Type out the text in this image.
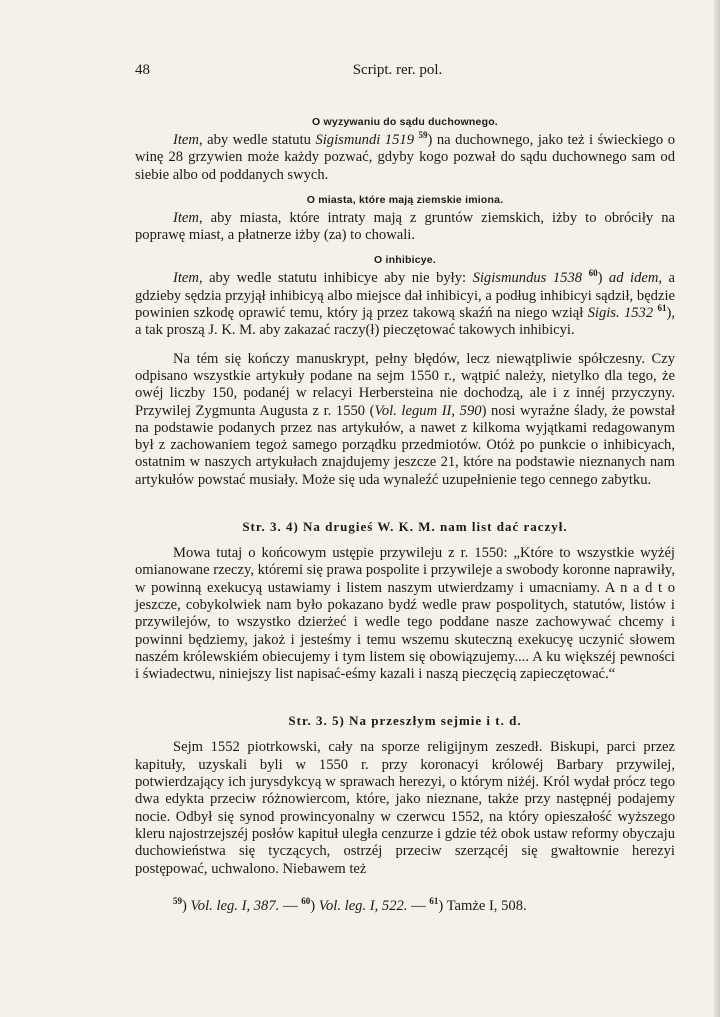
48	Script. rer. pol.
O wyzywaniu do sądu duchownego.

Item, aby wedle statutu Sigismundi 1519 $^{59}$) na duchownego, jako też i świeckiego o winę 28 grzywien może każdy pozwać, gdyby kogo pozwał do sądu duchownego sam od siebie albo od poddanych swych.

O miasta, które mają ziemskie imiona.

Item, aby miasta, które intraty mają z gruntów ziemskich, iżby to obróciły na poprawę miast, a płatnerze iżby (za) to chowali.

O inhibicye.

Item, aby wedle statutu inhibicye aby nie były: Sigismundus 1538 $^{60}$) ad idem, a gdzieby sędzia przyjął inhibicyą albo miejsce dał inhibicyi, a podług inhibicyi sądził, będzie powinien szkodę oprawić temu, który ją przez takową skaźń na niego wziął Sigis. 1532 $^{61}$), a tak proszą J. K. M. aby zakazać raczy(ł) pieczętować takowych inhibicyi.

Na tém się kończy manuskrypt, pełny błędów, lecz niewątpliwie spółczesny. Czy odpisano wszystkie artykuły podane na sejm 1550 r., wątpić należy, nietylko dla tego, że owéj liczby 150, podanéj w relacyi Herbersteina nie dochodzą, ale i z innéj przyczyny. Przywilej Zygmunta Augusta z r. 1550 (Vol. legum II, 590) nosi wyraźne ślady, że powstał na podstawie podanych przez nas artykułów, a nawet z kilkoma wyjątkami redagowanym był z zachowaniem tegoż samego porządku przedmiotów. Otóż po punkcie o inhibicyach, ostatnim w naszych artykułach znajdujemy jeszcze 21, które na podstawie nieznanych nam artykułów powstać musiały. Może się uda wynaleźć uzupełnienie tego cennego zabytku.

Str. 3. 4) Na drugieś W. K. M. nam list dać raczył.

Mowa tutaj o końcowym ustępie przywileju z r. 1550: „Które to wszystkie wyżéj omianowane rzeczy, któremi się prawa pospolite i przywileje a swobody koronne naprawiły, w powinną exekucyą ustawiamy i listem naszym utwierdzamy i umacniamy. A n a d t o jeszcze, cobykolwiek nam było pokazano bydź wedle praw pospolitych, statutów, listów i przywilejów, to wszystko dzierżeć i wedle tego poddane nasze zachowywać chcemy i powinni będziemy, jakoż i jesteśmy i temu wszemu skuteczną exekucyę uczynić słowem naszém królewskiém obiecujemy i tym listem się obowiązujemy.... A ku większéj pewności i świadectwu, niniejszy list napisać-eśmy kazali i naszą pieczęcią zapieczętować.“

Str. 3. 5) Na przeszłym sejmie i t. d.

Sejm 1552 piotrkowski, cały na sporze religijnym zeszedł. Biskupi, parci przez kapituły, uzyskali byli w 1550 r. przy koronacyi królowéj Barbary przywilej, potwierdzający ich jurysdykcyą w sprawach herezyi, o którym niżéj. Król wydał prócz tego dwa edykta przeciw różnowiercom, które, jako nieznane, także przy następnéj podajemy nocie. Odbył się synod prowincyonalny w czerwcu 1552, na który opieszałość wyższego kleru najostrzejszéj posłów kapituł uległa cenzurze i gdzie téż obok ustaw reformy obyczaju duchowieństwa się tyczących, ostrzéj przeciw szerzącéj się gwałtownie herezyi postępować, uchwalono. Niebawem też

$^{59}$) Vol. leg. I, 387. — $^{60}$) Vol. leg. I, 522. — $^{61}$) Tamże I, 508.
